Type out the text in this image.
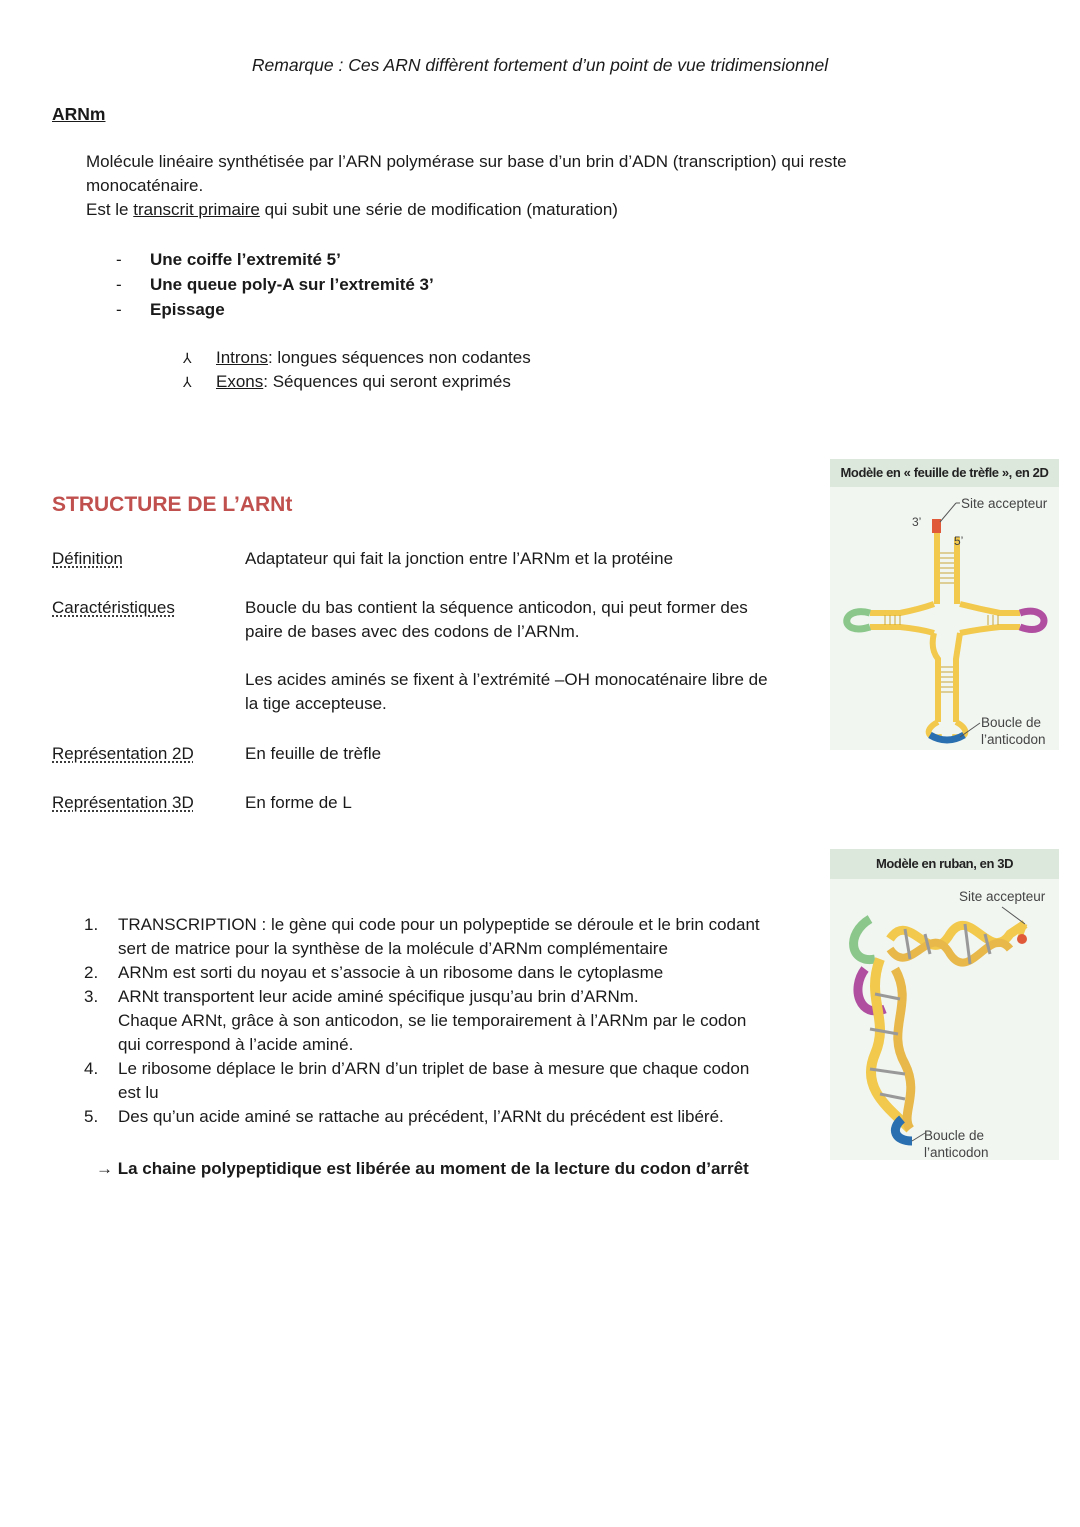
Remarque : Ces ARN diffèrent fortement d’un point de vue tridimensionnel
ARNm
Molécule linéaire synthétisée par l’ARN polymérase sur base d’un brin d’ADN (transcription) qui reste
monocaténaire.
Est le transcrit primaire qui subit une série de modification (maturation)
-	Une coiffe l’extremité 5’
-	Une queue poly-A sur l’extremité 3’
-	Epissage
⅄	Introns : longues séquences non codantes
⅄	Exons : Séquences qui seront exprimés
STRUCTURE DE L’ARNt
Définition	Adaptateur qui fait la jonction entre l’ARNm et la protéine
Caractéristiques	Boucle du bas contient la séquence anticodon, qui peut former des
paire de bases avec des codons de l’ARNm.
Les acides aminés se fixent à l’extrémité –OH monocaténaire libre de
la tige accepteuse.
Représentation 2D	En feuille de trèfle
Représentation 3D	En forme de L
1.	TRANSCRIPTION : le gène qui code pour un polypeptide se déroule et le brin codant
sert de matrice pour la synthèse de la molécule d’ARNm complémentaire
2.	ARNm est sorti du noyau et s’associe à un ribosome dans le cytoplasme
3.	ARNt transportent leur acide aminé spécifique jusqu’au brin d’ARNm.
Chaque ARNt, grâce à son anticodon, se lie temporairement à l’ARNm par le codon
qui correspond à l’acide aminé.
4.	Le ribosome déplace le brin d’ARN d’un triplet de base à mesure que chaque codon
est lu
5.	Des qu’un acide aminé se rattache au précédent, l’ARNt du précédent est libéré.
→ La chaine polypeptidique est libérée au moment de la lecture du codon d’arrêt
Modèle en « feuille de trèfle », en 2D
Site accepteur
3’
5’
Boucle de
l’anticodon
Modèle en ruban, en 3D
Site accepteur
Boucle de
l’anticodon
